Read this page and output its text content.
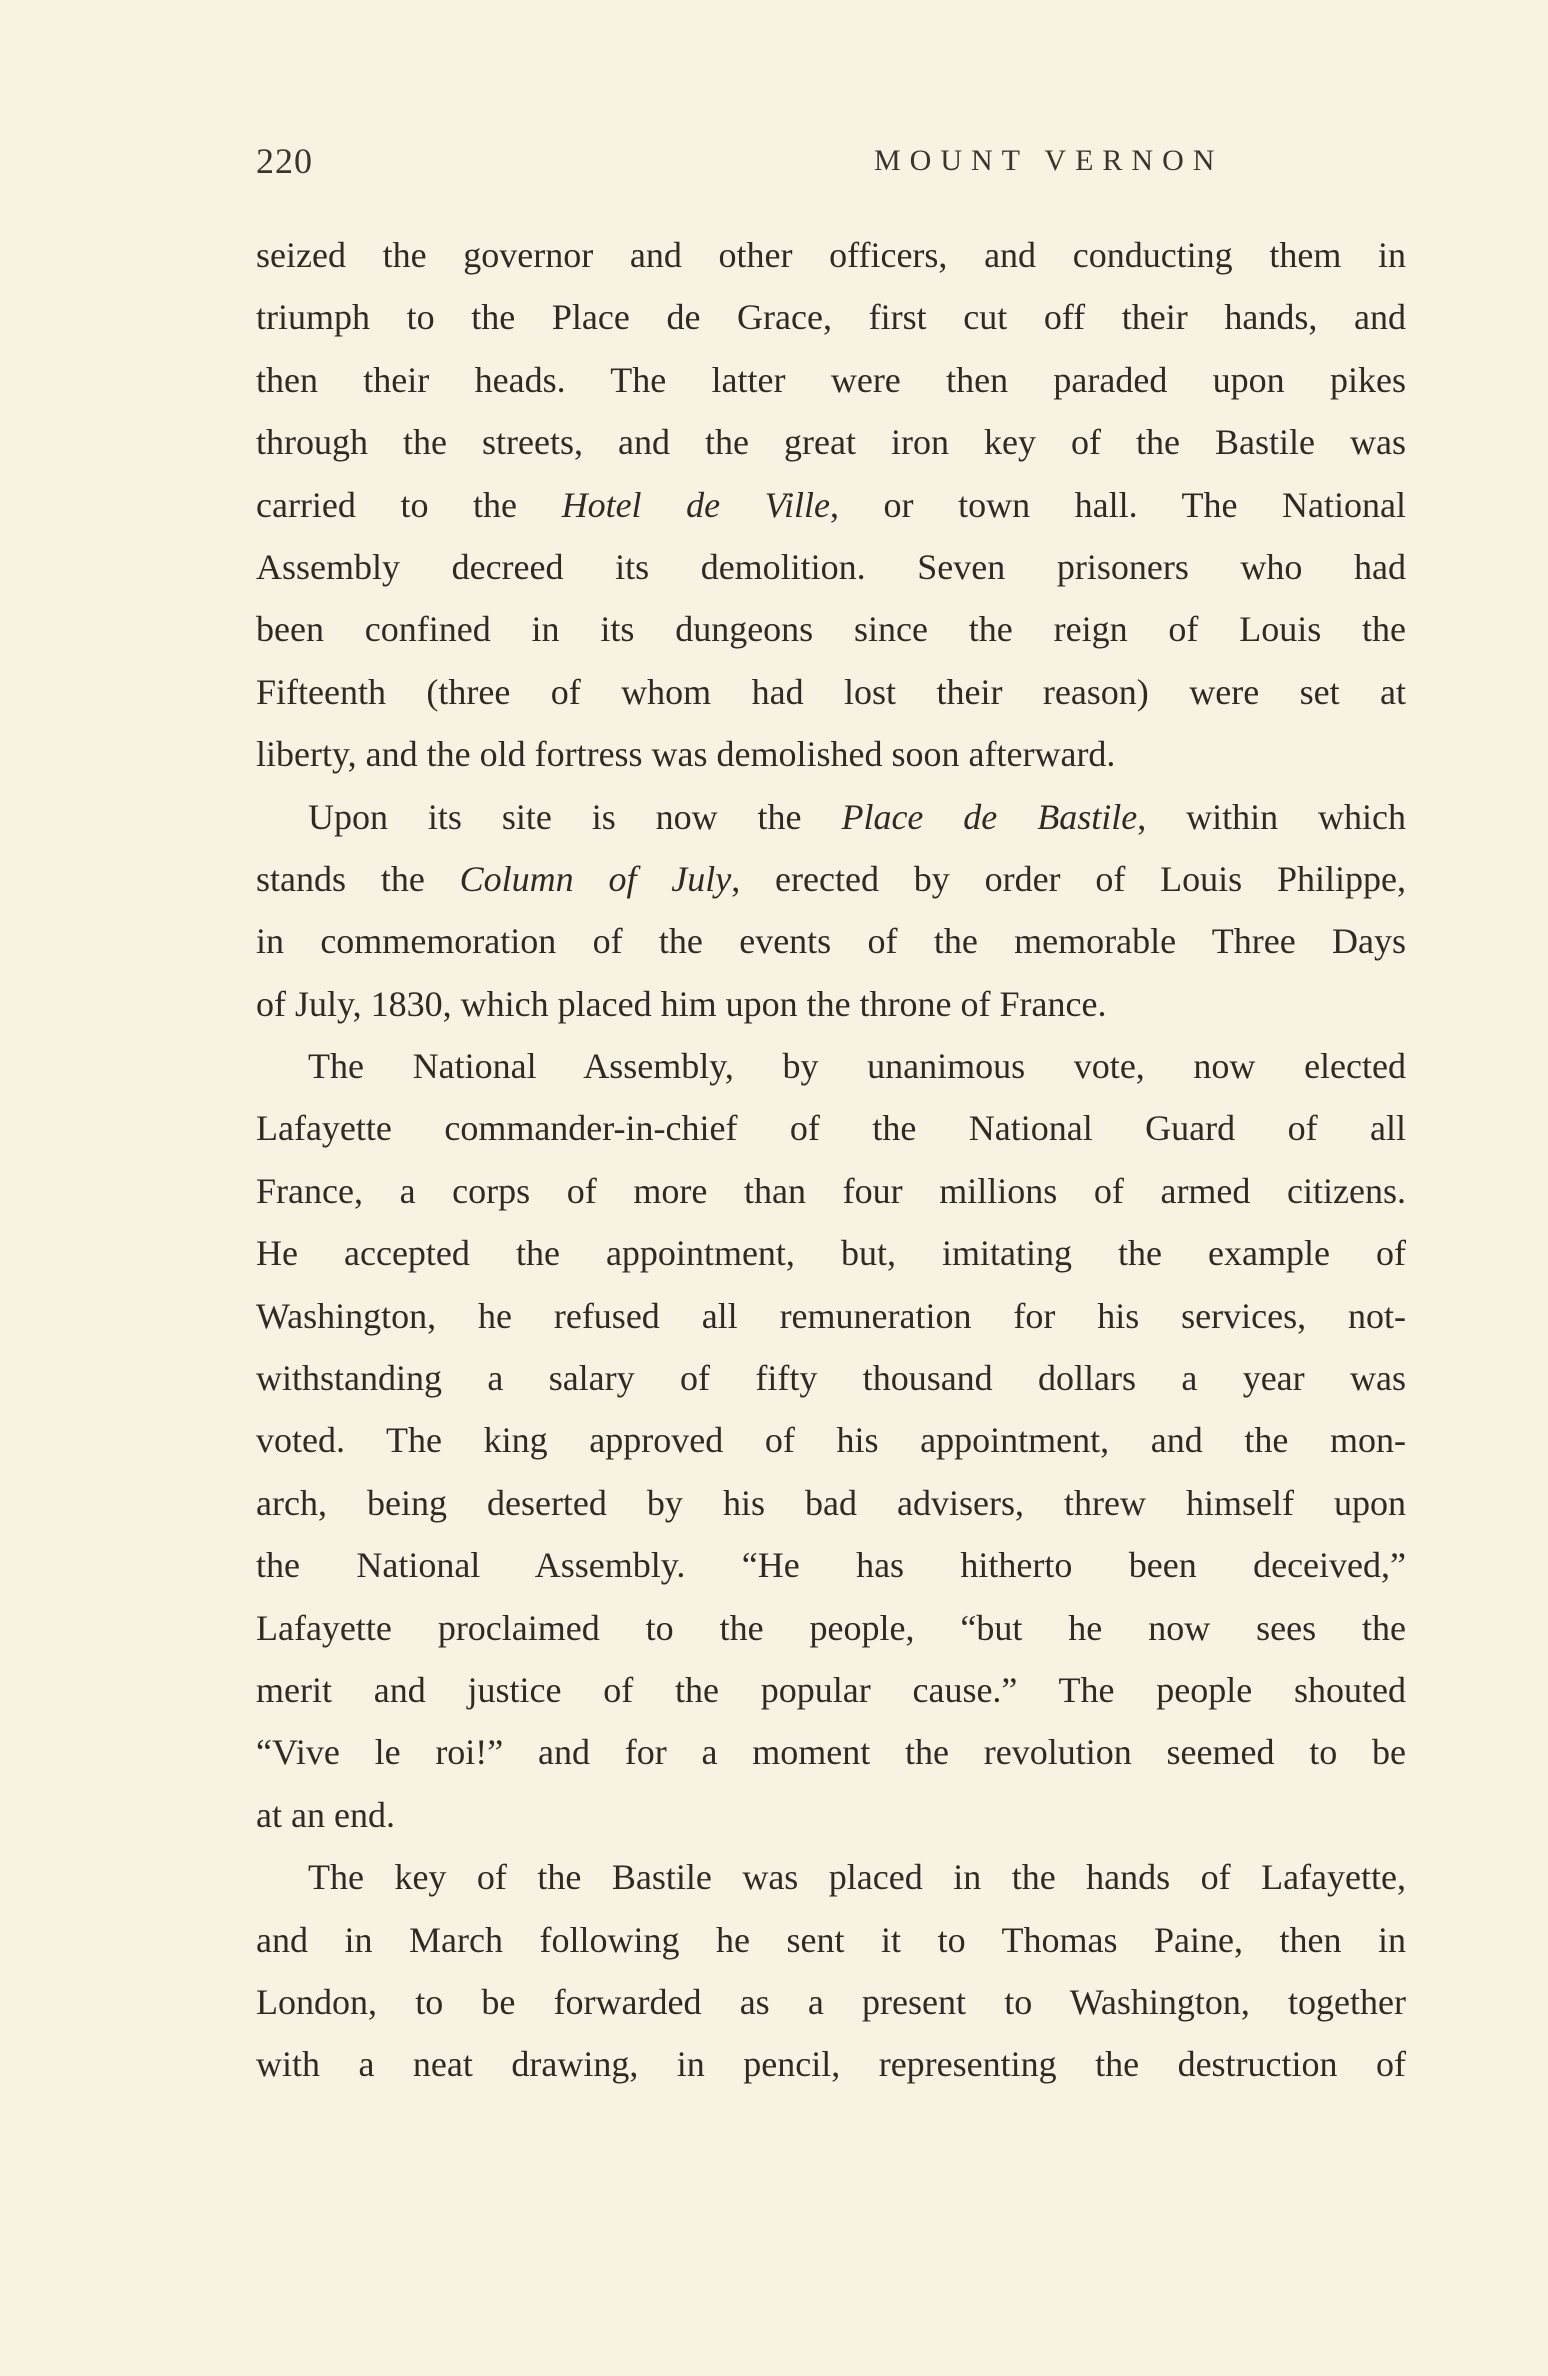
220	MOUNT VERNON
seized the governor and other officers, and conducting them in
triumph to the Place de Grace, first cut off their hands, and
then their heads. The latter were then paraded upon pikes
through the streets, and the great iron key of the Bastile was
carried to the Hotel de Ville, or town hall. The National
Assembly decreed its demolition. Seven prisoners who had
been confined in its dungeons since the reign of Louis the
Fifteenth (three of whom had lost their reason) were set at
liberty, and the old fortress was demolished soon afterward.
Upon its site is now the Place de Bastile, within which
stands the Column of July, erected by order of Louis Philippe,
in commemoration of the events of the memorable Three Days
of July, 1830, which placed him upon the throne of France.
The National Assembly, by unanimous vote, now elected
Lafayette commander-in-chief of the National Guard of all
France, a corps of more than four millions of armed citizens.
He accepted the appointment, but, imitating the example of
Washington, he refused all remuneration for his services, not-
withstanding a salary of fifty thousand dollars a year was
voted. The king approved of his appointment, and the mon-
arch, being deserted by his bad advisers, threw himself upon
the National Assembly. “He has hitherto been deceived,”
Lafayette proclaimed to the people, “but he now sees the
merit and justice of the popular cause.” The people shouted
“Vive le roi!” and for a moment the revolution seemed to be
at an end.
The key of the Bastile was placed in the hands of Lafayette,
and in March following he sent it to Thomas Paine, then in
London, to be forwarded as a present to Washington, together
with a neat drawing, in pencil, representing the destruction of
